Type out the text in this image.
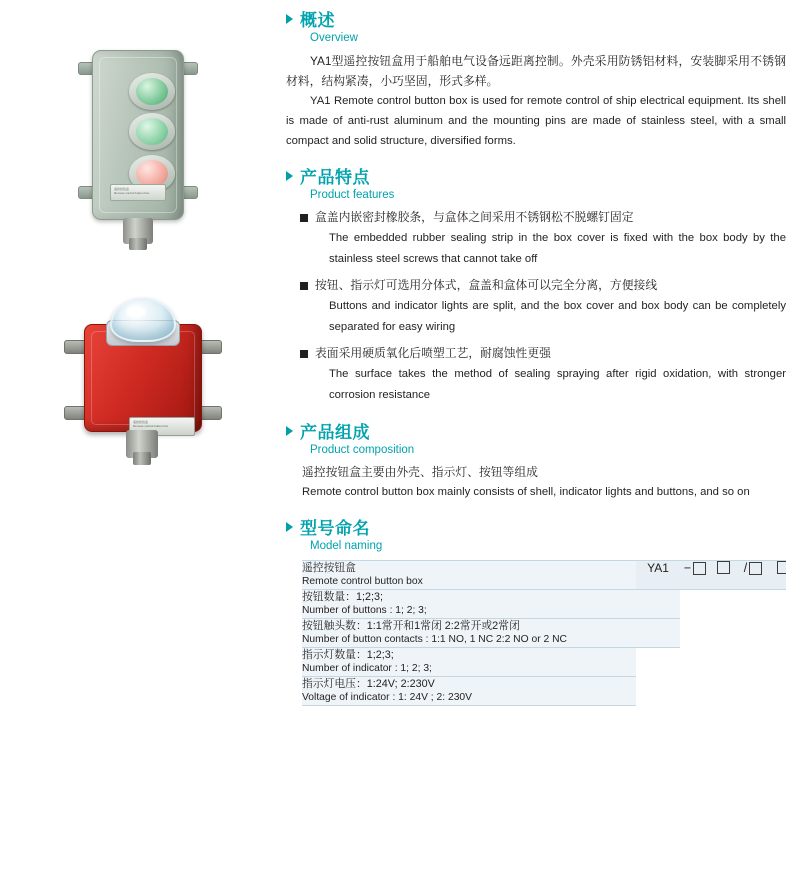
遥控按钮盒
Remote control button box
遥控按钮盒
Remote control button box
概述
Overview

YA1型遥控按钮盒用于船舶电气设备远距离控制。外壳采用防锈铝材料，安装脚采用不锈钢材料，结构紧凑，小巧坚固，形式多样。

YA1 Remote control button box is used for remote control of ship electrical equipment. Its shell is made of anti-rust aluminum and the mounting pins are made of stainless steel, with a small compact and solid structure, diversified forms.

产品特点
Product features
盒盖内嵌密封橡胶条，与盒体之间采用不锈钢松不脱螺钉固定

The embedded rubber sealing strip in the box cover is fixed with the box body by the stainless steel screws that cannot take off

按钮、指示灯可选用分体式，盒盖和盒体可以完全分离，方便接线

Buttons and indicator lights are split, and the box cover and box body can be completely separated for easy wiring

表面采用硬质氧化后喷塑工艺，耐腐蚀性更强

The surface takes the method of sealing spraying after rigid oxidation, with stronger corrosion resistance

产品组成
Product composition

遥控按钮盒主要由外壳、指示灯、按钮等组成

Remote control button box mainly consists of shell, indicator lights and buttons, and so on

型号命名
Model naming
遥控按钮盒
Remote control button box	YA1	−		/	

按钮数量：1;2;3;
Number of buttons : 1; 2; 3;					

按钮触头数：1:1常开和1常闭 2:2常开或2常闭
Number of button contacts : 1:1 NO, 1 NC 2:2 NO or 2 NC					

指示灯数量：1;2;3;
Number of indicator : 1; 2; 3;					

指示灯电压：1:24V; 2:230V
Voltage of indicator : 1: 24V ; 2: 230V					
